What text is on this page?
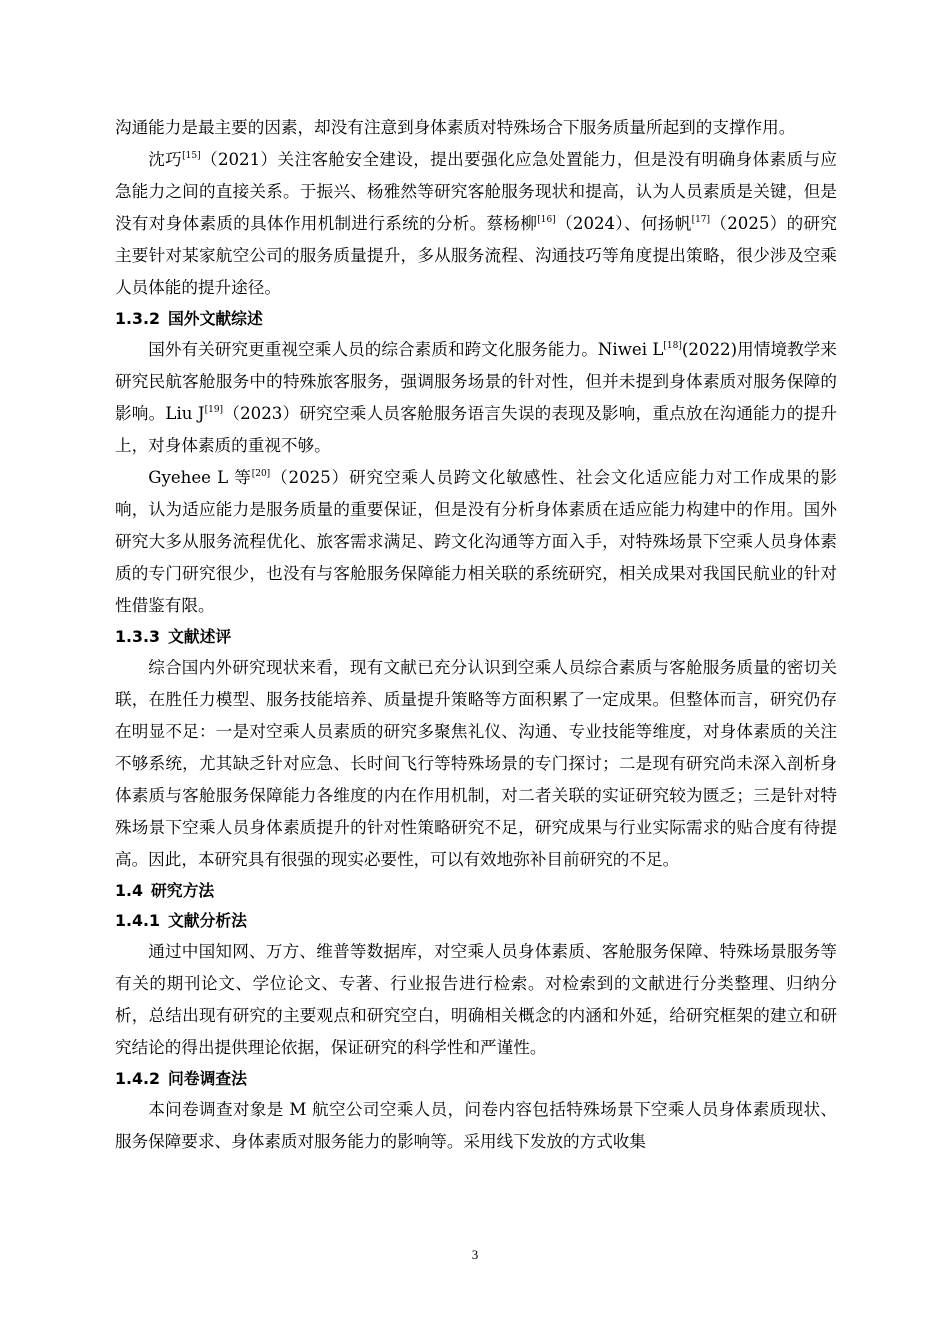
沟通能力是最主要的因素，却没有注意到身体素质对特殊场合下服务质量所起到的支撑作用。

沈巧[15]（2021）关注客舱安全建设，提出要强化应急处置能力，但是没有明确身体素质与应急能力之间的直接关系。于振兴、杨雅然等研究客舱服务现状和提高，认为人员素质是关键，但是没有对身体素质的具体作用机制进行系统的分析。蔡杨柳[16]（2024）、何扬帆[17]（2025）的研究主要针对某家航空公司的服务质量提升，多从服务流程、沟通技巧等角度提出策略，很少涉及空乘人员体能的提升途径。

1.3.2 国外文献综述

国外有关研究更重视空乘人员的综合素质和跨文化服务能力。Niwei L[18](2022)用情境教学来研究民航客舱服务中的特殊旅客服务，强调服务场景的针对性，但并未提到身体素质对服务保障的影响。Liu J[19]（2023）研究空乘人员客舱服务语言失误的表现及影响，重点放在沟通能力的提升上，对身体素质的重视不够。

Gyehee L 等[20]（2025）研究空乘人员跨文化敏感性、社会文化适应能力对工作成果的影响，认为适应能力是服务质量的重要保证，但是没有分析身体素质在适应能力构建中的作用。国外研究大多从服务流程优化、旅客需求满足、跨文化沟通等方面入手，对特殊场景下空乘人员身体素质的专门研究很少，也没有与客舱服务保障能力相关联的系统研究，相关成果对我国民航业的针对性借鉴有限。

1.3.3 文献述评

综合国内外研究现状来看，现有文献已充分认识到空乘人员综合素质与客舱服务质量的密切关联，在胜任力模型、服务技能培养、质量提升策略等方面积累了一定成果。但整体而言，研究仍存在明显不足：一是对空乘人员素质的研究多聚焦礼仪、沟通、专业技能等维度，对身体素质的关注不够系统，尤其缺乏针对应急、长时间飞行等特殊场景的专门探讨；二是现有研究尚未深入剖析身体素质与客舱服务保障能力各维度的内在作用机制，对二者关联的实证研究较为匮乏；三是针对特殊场景下空乘人员身体素质提升的针对性策略研究不足，研究成果与行业实际需求的贴合度有待提高。因此，本研究具有很强的现实必要性，可以有效地弥补目前研究的不足。

1.4 研究方法
1.4.1 文献分析法

通过中国知网、万方、维普等数据库，对空乘人员身体素质、客舱服务保障、特殊场景服务等有关的期刊论文、学位论文、专著、行业报告进行检索。对检索到的文献进行分类整理、归纳分析，总结出现有研究的主要观点和研究空白，明确相关概念的内涵和外延，给研究框架的建立和研究结论的得出提供理论依据，保证研究的科学性和严谨性。

1.4.2 问卷调查法

本问卷调查对象是 M 航空公司空乘人员，问卷内容包括特殊场景下空乘人员身体素质现状、服务保障要求、身体素质对服务能力的影响等。采用线下发放的方式收集

3
